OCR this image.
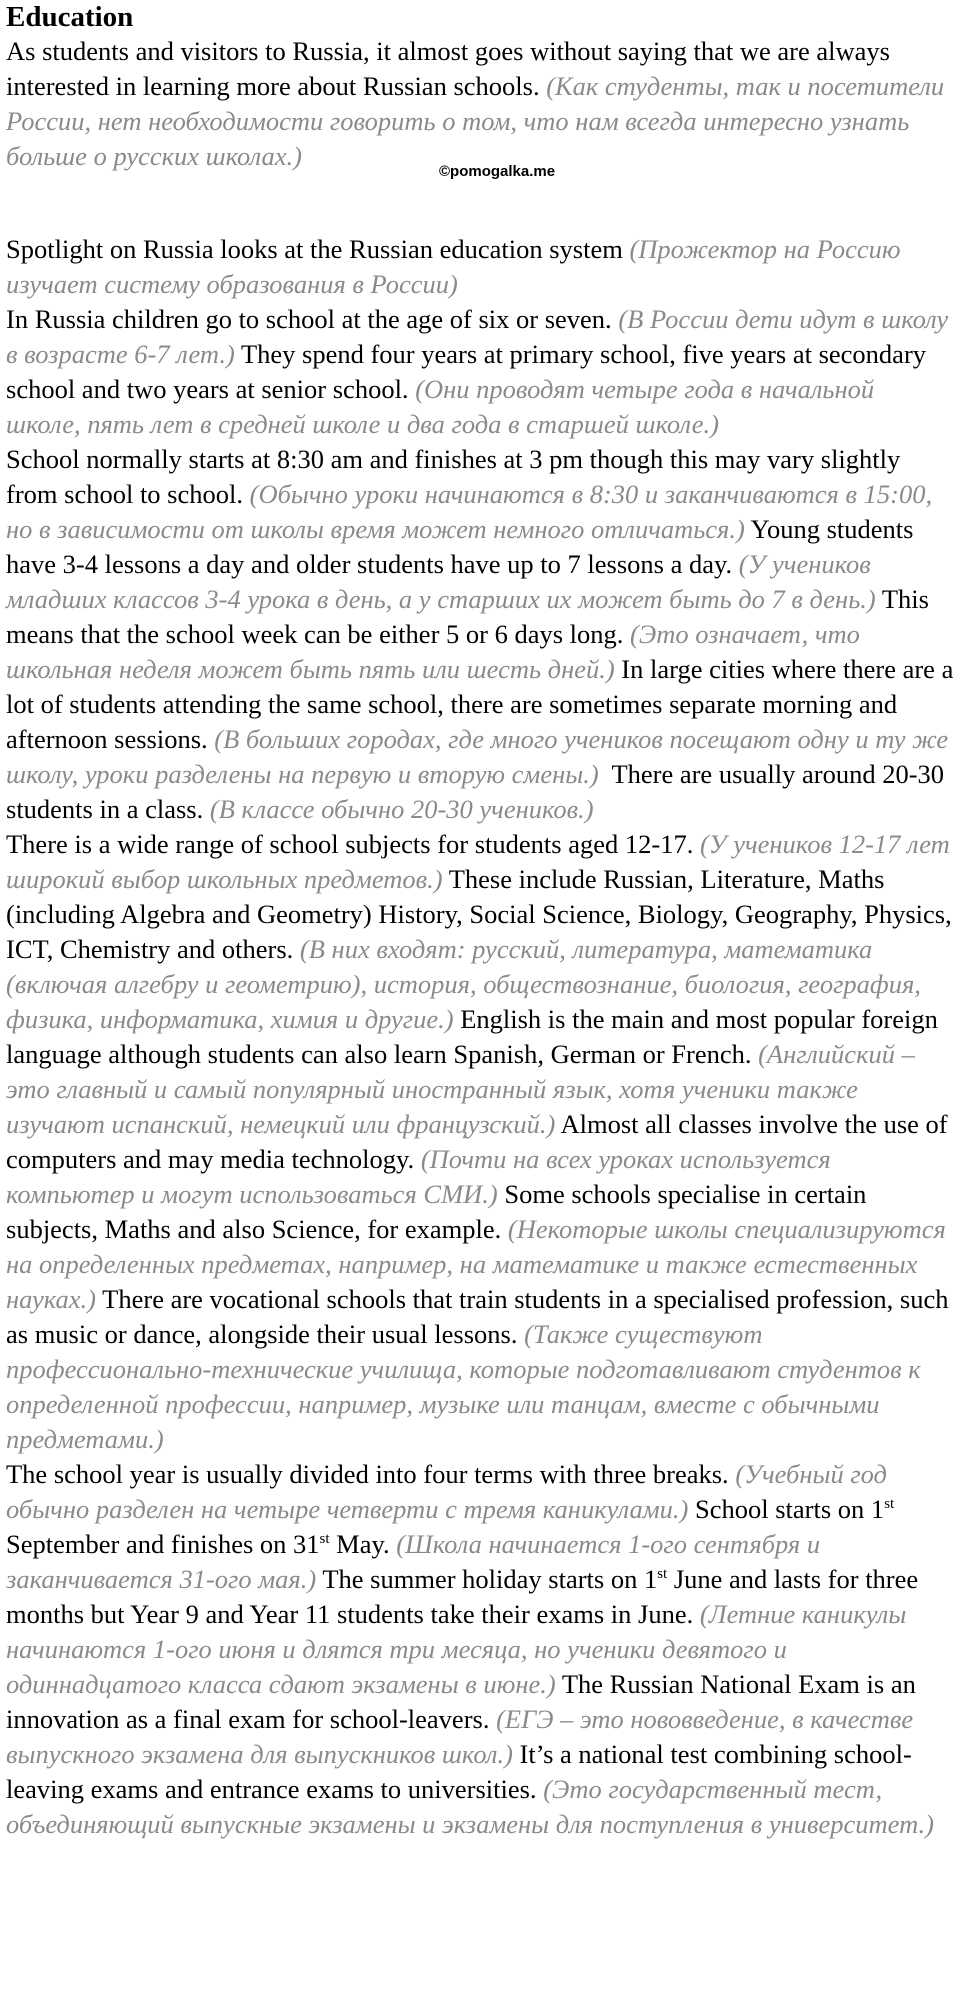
Education

As students and visitors to Russia, it almost goes without saying that we are always interested in learning more about Russian schools. (Как студенты, так и посетители России, нет необходимости говорить о том, что нам всегда интересно узнать больше о русских школах.)

©pomogalka.me

Spotlight on Russia looks at the Russian education system (Прожектор на Россию изучает систему образования в России)

In Russia children go to school at the age of six or seven. (В России дети идут в школу в возрасте 6-7 лет.) They spend four years at primary school, five years at secondary school and two years at senior school. (Они проводят четыре года в начальной школе, пять лет в средней школе и два года в старшей школе.)

School normally starts at 8:30 am and finishes at 3 pm though this may vary slightly from school to school. (Обычно уроки начинаются в 8:30 и заканчиваются в 15:00, но в зависимости от школы время может немного отличаться.) Young students have 3-4 lessons a day and older students have up to 7 lessons a day. (У учеников младших классов 3-4 урока в день, а у старших их может быть до 7 в день.) This means that the school week can be either 5 or 6 days long. (Это означает, что школьная неделя может быть пять или шесть дней.) In large cities where there are a lot of students attending the same school, there are sometimes separate morning and afternoon sessions. (В больших городах, где много учеников посещают одну и ту же школу, уроки разделены на первую и вторую смены.) There are usually around 20-30 students in a class. (В классе обычно 20-30 учеников.)

There is a wide range of school subjects for students aged 12-17. (У учеников 12-17 лет широкий выбор школьных предметов.) These include Russian, Literature, Maths (including Algebra and Geometry) History, Social Science, Biology, Geography, Physics, ICT, Chemistry and others. (В них входят: русский, литература, математика (включая алгебру и геометрию), история, обществознание, биология, география, физика, информатика, химия и другие.) English is the main and most popular foreign language although students can also learn Spanish, German or French. (Английский – это главный и самый популярный иностранный язык, хотя ученики также изучают испанский, немецкий или французский.) Almost all classes involve the use of computers and may media technology. (Почти на всех уроках используется компьютер и могут использоваться СМИ.) Some schools specialise in certain subjects, Maths and also Science, for example. (Некоторые школы специализируются на определенных предметах, например, на математике и также естественных науках.) There are vocational schools that train students in a specialised profession, such as music or dance, alongside their usual lessons. (Также существуют профессионально-технические училища, которые подготавливают студентов к определенной профессии, например, музыке или танцам, вместе с обычными предметами.)

The school year is usually divided into four terms with three breaks. (Учебный год обычно разделен на четыре четверти с тремя каникулами.) School starts on 1st September and finishes on 31st May. (Школа начинается 1-ого сентября и заканчивается 31-ого мая.) The summer holiday starts on 1st June and lasts for three months but Year 9 and Year 11 students take their exams in June. (Летние каникулы начинаются 1-ого июня и длятся три месяца, но ученики девятого и одиннадцатого класса сдают экзамены в июне.) The Russian National Exam is an innovation as a final exam for school-leavers. (ЕГЭ – это нововведение, в качестве выпускного экзамена для выпускников школ.) It’s a national test combining school-leaving exams and entrance exams to universities. (Это государственный тест, объединяющий выпускные экзамены и экзамены для поступления в университет.)
